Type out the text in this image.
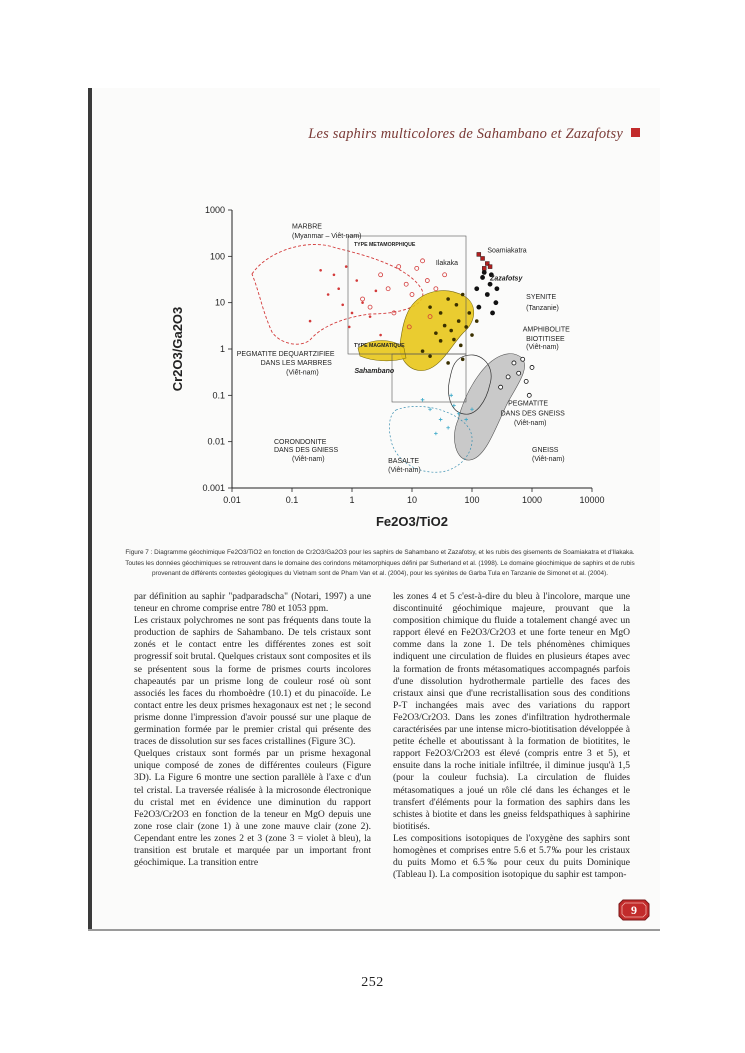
Les saphirs multicolores de Sahambano et Zazafotsy
0.01	0.1	1	10	100	1000	10000
0.001
0.01
0.1
1
10
100
1000
Fe2O3/TiO2
Cr2O3/Ga2O3
TYPE METAMORPHIQUE
TYPE MAGMATIQUE
MARBRE
(Myanmar – Viêt-nam)
Soamiakatra
Ilakaka
Zazafotsy
SYENITE
(Tanzanie)
AMPHIBOLITE
BIOTITISEE
(Viêt-nam)
PEGMATITE DEQUARTZIFIEE
DANS LES MARBRES
(Viêt-nam)	Sahambano
PEGMATITE
DANS DES GNEISS
(Viêt-nam)
CORONDONITE
DANS DES GNIESS
(Viêt-nam)
GNEISS
(Viêt-nam)
BASALTE
(Viêt-nam)
Figure 7 : Diagramme géochimique Fe2O3/TiO2 en fonction de Cr2O3/Ga2O3 pour les saphirs de Sahambano et Zazafotsy, et les rubis des gisements de Soamiakatra et d'Ilakaka. Toutes les données géochimiques se retrouvent dans le domaine des corindons métamorphiques défini par Sutherland et al. (1998). Le domaine géochimique de saphirs et de rubis provenant de différents contextes géologiques du Vietnam sont de Pham Van et al. (2004), pour les syénites de Garba Tula en Tanzanie de Simonet et al. (2004).

par définition au saphir "padparadscha" (Notari, 1997) a une teneur en chrome comprise entre 780 et 1053 ppm.

Les cristaux polychromes ne sont pas fréquents dans toute la production de saphirs de Sahambano. De tels cristaux sont zonés et le contact entre les différentes zones est soit progressif soit brutal. Quelques cristaux sont composites et ils se présentent sous la forme de prismes courts incolores chapeautés par un prisme long de couleur rosé où sont associés les faces du rhomboèdre (10.1) et du pinacoïde. Le contact entre les deux prismes hexagonaux est net ; le second prisme donne l'impression d'avoir poussé sur une plaque de germination formée par le premier cristal qui présente des traces de dissolution sur ses faces cristallines (Figure 3C).

Quelques cristaux sont formés par un prisme hexagonal unique composé de zones de différentes couleurs (Figure 3D). La Figure 6 montre une section parallèle à l'axe c d'un tel cristal. La traversée réalisée à la microsonde électronique du cristal met en évidence une diminution du rapport Fe2O3/Cr2O3 en fonction de la teneur en MgO depuis une zone rose clair (zone 1) à une zone mauve clair (zone 2). Cependant entre les zones 2 et 3 (zone 3 = violet à bleu), la transition est brutale et marquée par un important front géochimique. La transition entre

les zones 4 et 5 c'est-à-dire du bleu à l'incolore, marque une discontinuité géochimique majeure, prouvant que la composition chimique du fluide a totalement changé avec un rapport élevé en Fe2O3/Cr2O3 et une forte teneur en MgO comme dans la zone 1. De tels phénomènes chimiques indiquent une circulation de fluides en plusieurs étapes avec la formation de fronts métasomatiques accompagnés parfois d'une dissolution hydrothermale partielle des faces des cristaux ainsi que d'une recristallisation sous des conditions P-T inchangées mais avec des variations du rapport Fe2O3/Cr2O3. Dans les zones d'infiltration hydrothermale caractérisées par une intense micro-biotitisation développée à petite échelle et aboutissant à la formation de biotitites, le rapport Fe2O3/Cr2O3 est élevé (compris entre 3 et 5), et ensuite dans la roche initiale infiltrée, il diminue jusqu'à 1,5 (pour la couleur fuchsia). La circulation de fluides métasomatiques a joué un rôle clé dans les échanges et le transfert d'éléments pour la formation des saphirs dans les schistes à biotite et dans les gneiss feldspathiques à saphirine biotitisés.

Les compositions isotopiques de l'oxygène des saphirs sont homogènes et comprises entre 5.6 et 5.7‰ pour les cristaux du puits Momo et 6.5‰ pour ceux du puits Dominique (Tableau I). La composition isotopique du saphir est tampon-

9
252
